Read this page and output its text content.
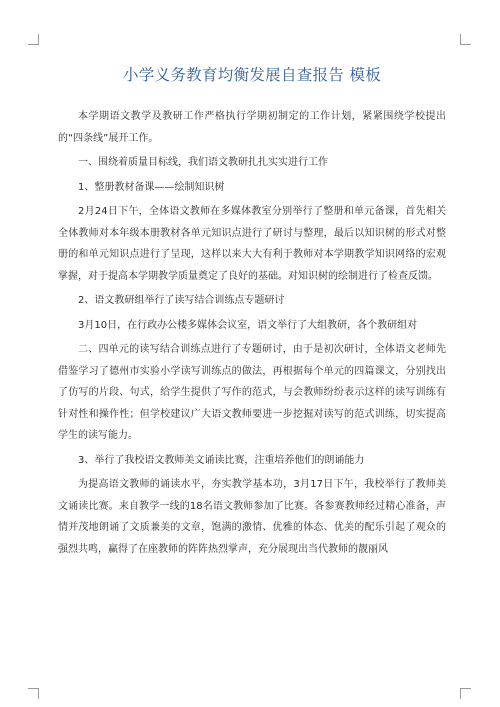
小学义务教育均衡发展自查报告 模板

本学期语文教学及教研工作严格执行学期初制定的工作计划，紧紧围绕学校提出的“四条线”展开工作。

一、围绕着质量目标线，我们语文教研扎扎实实进行工作

1、整册教材备课——绘制知识树

2月24日下午，全体语文教师在多媒体教室分别举行了整册和单元备课，首先相关全体教师对本年级本册教材各单元知识点进行了研讨与整理，最后以知识树的形式对整册的和单元知识点进行了呈现，这样以来大大有利于教师对本学期教学知识网络的宏观掌握，对于提高本学期教学质量奠定了良好的基础。对知识树的绘制进行了检查反馈。

2、语文教研组举行了读写结合训练点专题研讨

3月10日，在行政办公楼多媒体会议室，语文举行了大组教研，各个教研组对

二、四单元的读写结合训练点进行了专题研讨，由于是初次研讨，全体语文老师先借鉴学习了德州市实验小学读写训练点的做法，再根据每个单元的四篇课文，分别找出了仿写的片段、句式，给学生提供了写作的范式，与会教师纷纷表示这样的读写训练有针对性和操作性；但学校建议广大语文教师要进一步挖掘对读写的范式训练，切实提高学生的读写能力。

3、举行了我校语文教师美文诵读比赛，注重培养他们的朗诵能力

为提高语文教师的诵读水平，夯实教学基本功，3月17日下午，我校举行了教师美文诵读比赛。来自教学一线的18名语文教师参加了比赛。各参赛教师经过精心准备，声情并茂地朗诵了文质兼美的文章，饱满的激情、优雅的体态、优美的配乐引起了观众的强烈共鸣，赢得了在座教师的阵阵热烈掌声，充分展现出当代教师的靓丽风
